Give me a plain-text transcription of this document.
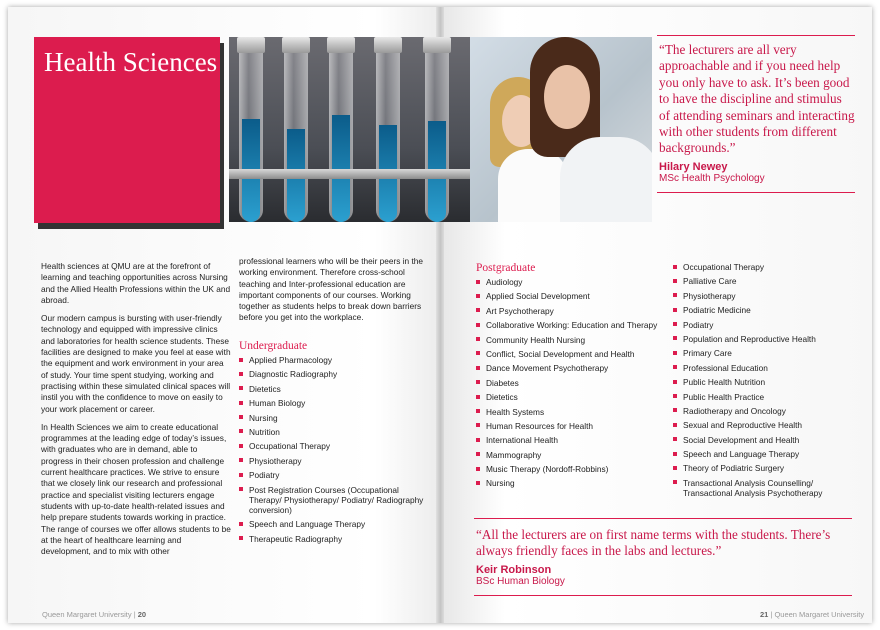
Health Sciences	“The lecturers are all very approachable and if you need help you only have to ask. It’s been good to have the discipline and stimulus of attending seminars and interacting with other students from different backgrounds.”

Hilary Newey
MSc Health Psychology

Health sciences at QMU are at the forefront of learning and teaching opportunities across Nursing and the Allied Health Professions within the UK and abroad.

Our modern campus is bursting with user-friendly technology and equipped with impressive clinics and laboratories for health science students. These facilities are designed to make you feel at ease with the equipment and work environment in your area of study. Your time spent studying, working and practising within these simulated clinical spaces will instil you with the confidence to move on easily to your work placement or career.

In Health Sciences we aim to create educational programmes at the leading edge of today’s issues, with graduates who are in demand, able to progress in their chosen profession and challenge current healthcare practices. We strive to ensure that we closely link our research and professional practice and specialist visiting lecturers engage students with up-to-date health-related issues and help prepare students towards working in practice. The range of courses we offer allows students to be at the heart of healthcare learning and development, and to mix with other

professional learners who will be their peers in the working environment. Therefore cross-school teaching and Inter-professional education are important components of our courses. Working together as students helps to break down barriers before you get into the workplace.

Undergraduate
Applied Pharmacology
Diagnostic Radiography
Dietetics
Human Biology
Nursing
Nutrition
Occupational Therapy
Physiotherapy
Podiatry
Post Registration Courses (Occupational Therapy/ Physiotherapy/ Podiatry/ Radiography conversion)
Speech and Language Therapy
Therapeutic Radiography
Postgraduate
Audiology
Applied Social Development
Art Psychotherapy
Collaborative Working: Education and Therapy
Community Health Nursing
Conflict, Social Development and Health
Dance Movement Psychotherapy
Diabetes
Dietetics
Health Systems
Human Resources for Health
International Health
Mammography
Music Therapy (Nordoff-Robbins)
Nursing
Occupational Therapy
Palliative Care
Physiotherapy
Podiatric Medicine
Podiatry
Population and Reproductive Health
Primary Care
Professional Education
Public Health Nutrition
Public Health Practice
Radiotherapy and Oncology
Sexual and Reproductive Health
Social Development and Health
Speech and Language Therapy
Theory of Podiatric Surgery
Transactional Analysis Counselling/ Transactional Analysis Psychotherapy

“All the lecturers are on first name terms with the students. There’s always friendly faces in the labs and lectures.”

Keir Robinson
BSc Human Biology
Queen Margaret University | 20	21 | Queen Margaret University
